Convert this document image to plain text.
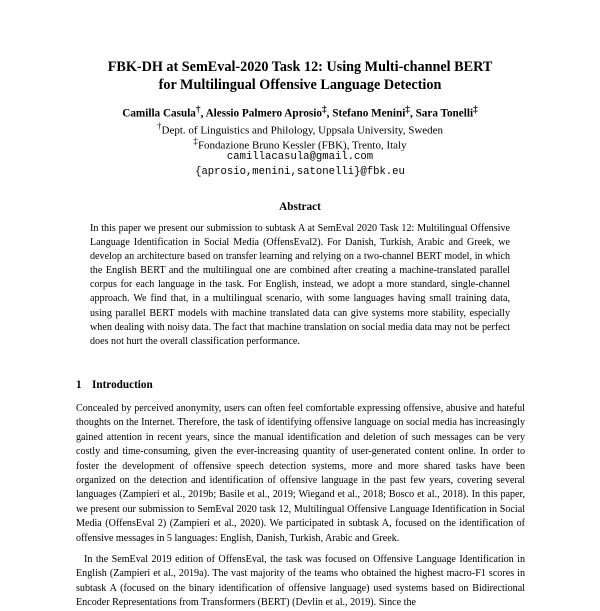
FBK-DH at SemEval-2020 Task 12: Using Multi-channel BERT
for Multilingual Offensive Language Detection
Camilla Casula†, Alessio Palmero Aprosio‡, Stefano Menini‡, Sara Tonelli‡
†Dept. of Linguistics and Philology, Uppsala University, Sweden
‡Fondazione Bruno Kessler (FBK), Trento, Italy
camillacasula@gmail.com
{aprosio,menini,satonelli}@fbk.eu
Abstract
In this paper we present our submission to subtask A at SemEval 2020 Task 12: Multilingual Offensive Language Identification in Social Media (OffensEval2). For Danish, Turkish, Arabic and Greek, we develop an architecture based on transfer learning and relying on a two-channel BERT model, in which the English BERT and the multilingual one are combined after creating a machine-translated parallel corpus for each language in the task. For English, instead, we adopt a more standard, single-channel approach. We find that, in a multilingual scenario, with some languages having small training data, using parallel BERT models with machine translated data can give systems more stability, especially when dealing with noisy data. The fact that machine translation on social media data may not be perfect does not hurt the overall classification performance.
1 Introduction
Concealed by perceived anonymity, users can often feel comfortable expressing offensive, abusive and hateful thoughts on the Internet. Therefore, the task of identifying offensive language on social media has increasingly gained attention in recent years, since the manual identification and deletion of such messages can be very costly and time-consuming, given the ever-increasing quantity of user-generated content online. In order to foster the development of offensive speech detection systems, more and more shared tasks have been organized on the detection and identification of offensive language in the past few years, covering several languages (Zampieri et al., 2019b; Basile et al., 2019; Wiegand et al., 2018; Bosco et al., 2018). In this paper, we present our submission to SemEval 2020 task 12, Multilingual Offensive Language Identification in Social Media (OffensEval 2) (Zampieri et al., 2020). We participated in subtask A, focused on the identification of offensive messages in 5 languages: English, Danish, Turkish, Arabic and Greek.
In the SemEval 2019 edition of OffensEval, the task was focused on Offensive Language Identification in English (Zampieri et al., 2019a). The vast majority of the teams who obtained the highest macro-F1 scores in subtask A (focused on the binary identification of offensive language) used systems based on Bidirectional Encoder Representations from Transformers (BERT) (Devlin et al., 2019). Since the
